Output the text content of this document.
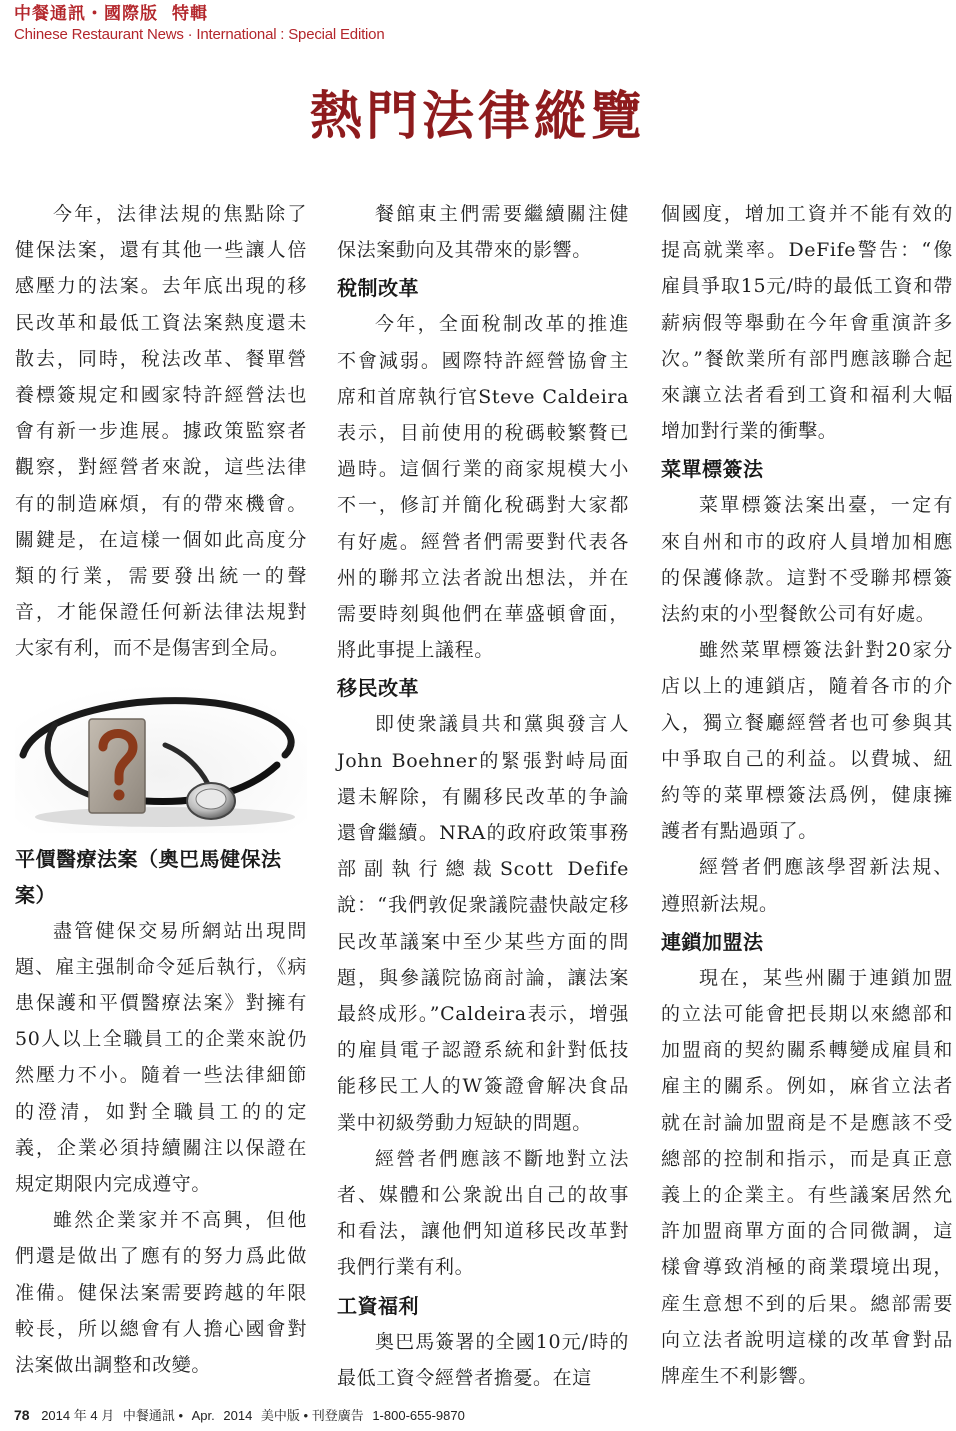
中餐通訊・國際版 特輯
Chinese Restaurant News · International : Special Edition
熱門法律縱覽

今年，法律法規的焦點除了健保法案，還有其他一些讓人倍感壓力的法案。去年底出現的移民改革和最低工資法案熱度還未散去，同時，稅法改革、餐單營養標簽規定和國家特許經營法也會有新一步進展。據政策監察者觀察，對經營者來說，這些法律有的制造麻煩，有的帶來機會。關鍵是，在這樣一個如此高度分類的行業，需要發出統一的聲音，才能保證任何新法律法規對大家有利，而不是傷害到全局。

平價醫療法案（奧巴馬健保法案）

盡管健保交易所網站出現問題、雇主强制命令延后執行，《病患保護和平價醫療法案》對擁有50人以上全職員工的企業來說仍然壓力不小。隨着一些法律細節的澄清，如對全職員工的的定義，企業必須持續關注以保證在規定期限内完成遵守。

雖然企業家并不高興，但他們還是做出了應有的努力爲此做准備。健保法案需要跨越的年限較長，所以總會有人擔心國會對法案做出調整和改變。

餐館東主們需要繼續關注健保法案動向及其帶來的影響。

稅制改革

今年，全面稅制改革的推進不會減弱。國際特許經營協會主席和首席執行官Steve Caldeira表示，目前使用的稅碼較繁贅已過時。這個行業的商家規模大小不一，修訂并簡化稅碼對大家都有好處。經營者們需要對代表各州的聯邦立法者說出想法，并在需要時刻與他們在華盛頓會面，將此事提上議程。

移民改革

即使衆議員共和黨與發言人John Boehner的緊張對峙局面還未解除，有關移民改革的争論還會繼續。NRA的政府政策事務部副執行總裁Scott Defife說：“我們敦促衆議院盡快敲定移民改革議案中至少某些方面的問題，與參議院協商討論，讓法案最終成形。”Caldeira表示，增强的雇員電子認證系統和針對低技能移民工人的W簽證會解决食品業中初級勞動力短缺的問題。

經營者們應該不斷地對立法者、媒體和公衆說出自己的故事和看法，讓他們知道移民改革對我們行業有利。

工資福利

奥巴馬簽署的全國10元/時的最低工資令經營者擔憂。在這

個國度，增加工資并不能有效的提高就業率。DeFife警告：“像雇員爭取15元/時的最低工資和帶薪病假等舉動在今年會重演許多次。”餐飲業所有部門應該聯合起來讓立法者看到工資和福利大幅增加對行業的衝擊。

菜單標簽法

菜單標簽法案出臺，一定有來自州和市的政府人員增加相應的保護條款。這對不受聯邦標簽法約束的小型餐飲公司有好處。

雖然菜單標簽法針對20家分店以上的連鎖店，隨着各市的介入，獨立餐廳經營者也可參與其中爭取自己的利益。以費城、紐約等的菜單標簽法爲例，健康擁護者有點過頭了。

經營者們應該學習新法規、遵照新法規。

連鎖加盟法

現在，某些州關于連鎖加盟的立法可能會把長期以來總部和加盟商的契約關系轉變成雇員和雇主的關系。例如，麻省立法者就在討論加盟商是不是應該不受總部的控制和指示，而是真正意義上的企業主。有些議案居然允許加盟商單方面的合同微調，這樣會導致消極的商業環境出現，産生意想不到的后果。總部需要向立法者說明這樣的改革會對品牌産生不利影響。

78 2014 年 4 月 中餐通訊 • Apr. 2014 美中版 • 刊登廣告 1-800-655-9870
